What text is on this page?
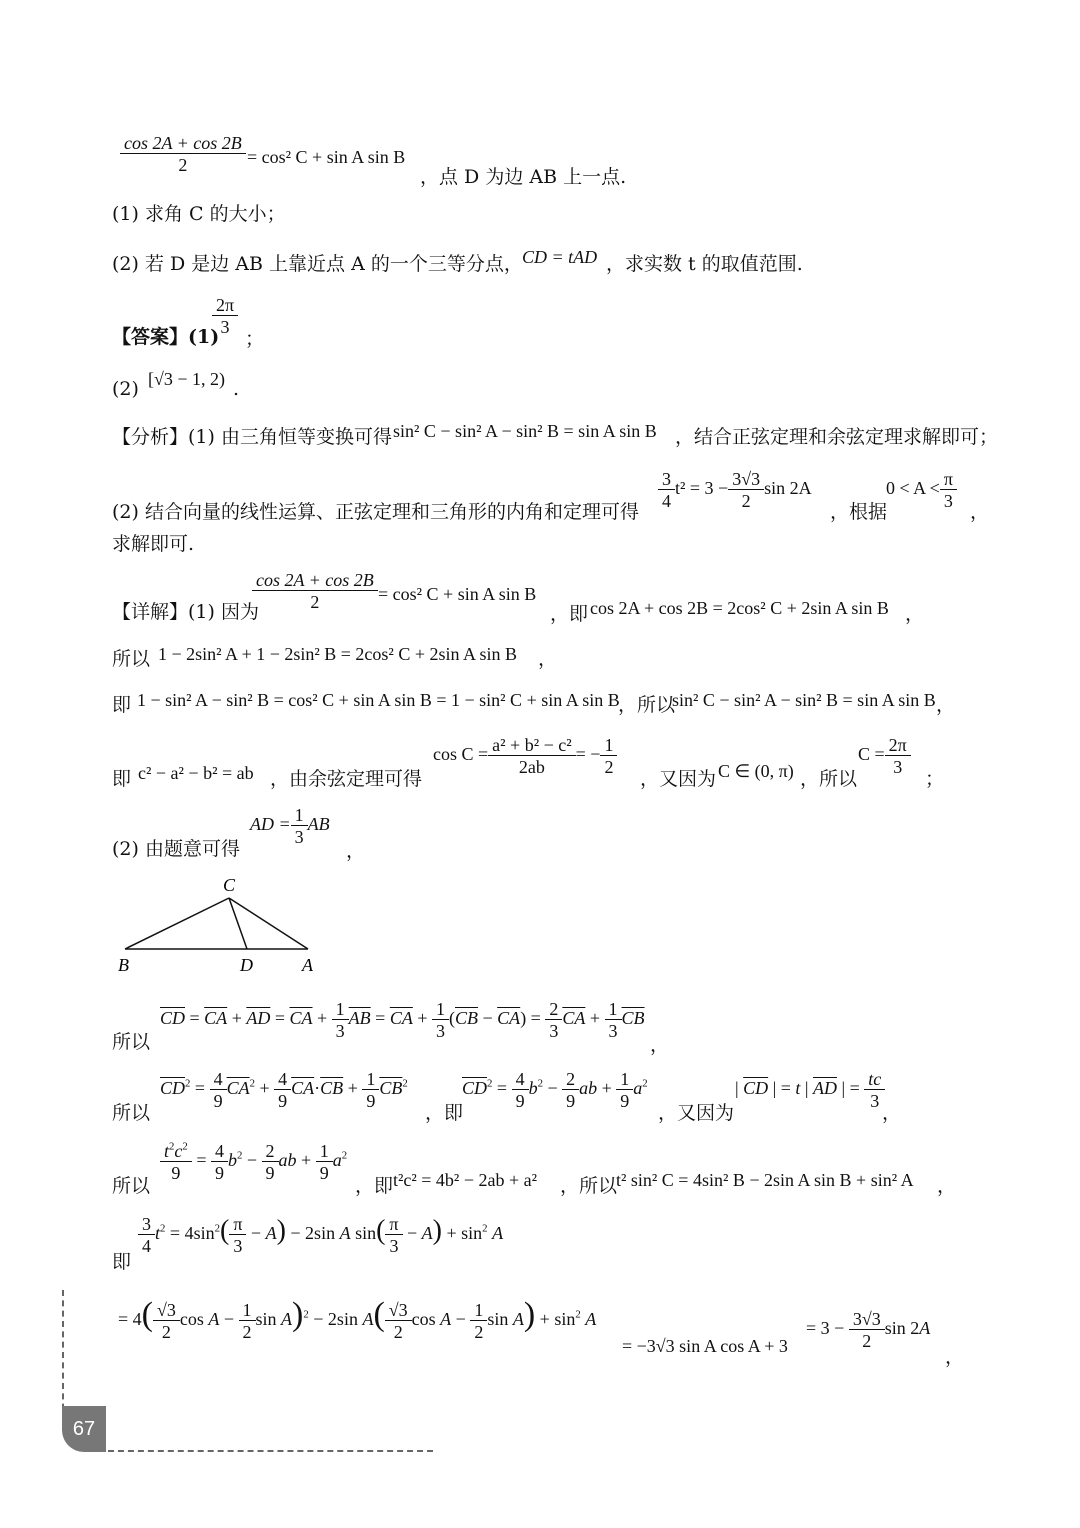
$\frac{\cos 2A + \cos 2B}{2} = \cos^2$ C + sin A sin B
，点 D 为边 AB 上一点.
(1) 求角 C 的大小；
(2) 若 D 是边 AB 上靠近点 A 的一个三等分点， CD = tAD ，求实数 t 的取值范围.
【答案】(1)
$\frac{2\pi}{3}$
；
(2) [√3 − 1, 2) .
【分析】(1) 由三角恒等变换可得 sin² C − sin² A − sin² B = sin A sin B ，结合正弦定理和余弦定理求解即可；
(2) 结合向量的线性运算、正弦定理和三角形的内角和定理可得
$\frac{3}{4} t^2 = 3 - \frac{3√3}{2}$ sin 2A
，根据
$0 < A < \frac{\pi}{3}$
，
求解即可.
【详解】(1) 因为
$\frac{\cos 2A + \cos 2B}{2} = \cos^2$ C + sin A sin B
，即 cos 2A + cos 2B = 2cos² C + 2sin A sin B ，
所以 1 − 2sin² A + 1 − 2sin² B = 2cos² C + 2sin A sin B ，
即 1 − sin² A − sin² B = cos² C + sin A sin B = 1 − sin² C + sin A sin B
，所以
sin² C − sin² A − sin² B = sin A sin B ，
即 c² − a² − b² = ab ，由余弦定理可得
$\cos C = \frac{\text{a² + b² − c²}}{2ab}$ = − $\frac{1}{2}$
，又因为 C ∈ (0, π) ，所以
$C = \frac{2\pi}{3}$
；
(2) 由题意可得
AD = $\frac{1}{3}$ AB
，
C
B	D	A
所以
$\overline{CD} = \overline{CA} + \overline{AD} = \overline{CA} + \frac{1}{3} \overline{AB} = \overline{CA} + \frac{1}{3} (\overline{CB} - \overline{CA}) = \frac{2}{3} \overline{CA} + \frac{1}{3} \overline{CB}$
，
所以
$\overline{CD}^2 = \frac{4}{9} \overline{CA}^2 + \frac{4}{9} \overline{CA}\cdot\overline{CB} + \frac{1}{9} \overline{CB}^2$
，即
$\overline{CD}^2 = \frac{4}{9} b^2 - \frac{2}{9}$ ab + $\frac{1}{9} a^2$
，又因为
| $\overline{CD}$ | = t | $\overline{AD}$ | = $\frac{tc}{3}$
，
所以
$\frac{t^2c^2}{9} = \frac{4}{9} b^2 - \frac{2}{9}$ ab + $\frac{1}{9} a^2$
，即 t²c² = 4b² − 2ab + a² ，所以
t² sin² C = 4sin² B − 2sin A sin B + sin² A ，
即
$\frac{3}{4} t^2 = 4\sin^2( \frac{\pi}{3} - A) - 2\sin$ A $\sin( \frac{\pi}{3} - A) + \sin^2 A$
= $4( \frac{√3}{2}$ $\cos A - \frac{1}{2}$ $\sin A)^2 - 2\sin$ $A( \frac{√3}{2}$ $\cos A - \frac{1}{2}$ $\sin A) + \sin^2 A$
= −3√3 sin A cos A + 3
= $3 - \frac{3√3}{2}$ sin 2A
，
67
